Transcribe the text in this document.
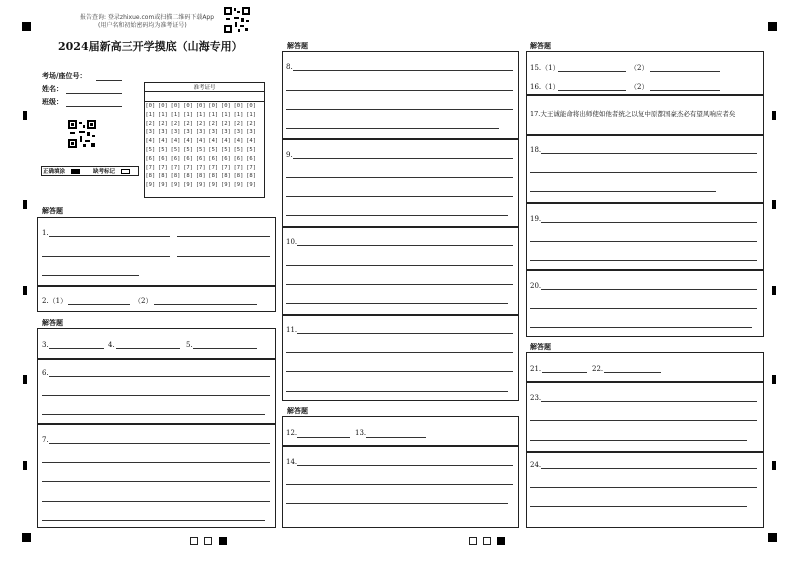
报告查询: 登录zhixue.com或扫描二维码下载App
(用户名和初始密码均为准考证号)
2024届新高三开学摸底（山海专用）
考场/座位号：
姓名：
班级：
准考证号
[0] [0] [0] [0] [0] [0] [0] [0] [0]
[1] [1] [1] [1] [1] [1] [1] [1] [1]
[2] [2] [2] [2] [2] [2] [2] [2] [2]
[3] [3] [3] [3] [3] [3] [3] [3] [3]
[4] [4] [4] [4] [4] [4] [4] [4] [4]
[5] [5] [5] [5] [5] [5] [5] [5] [5]
[6] [6] [6] [6] [6] [6] [6] [6] [6]
[7] [7] [7] [7] [7] [7] [7] [7] [7]
[8] [8] [8] [8] [8] [8] [8] [8] [8]
[9] [9] [9] [9] [9] [9] [9] [9] [9]
正确填涂	缺考标记
解答题
1.
2.（1）	（2）
解答题
3.	4.	5.
6.
7.
解答题
8.
9.
10.
11.
解答题
12.	13.
14.
解答题
15.（1）	（2）
16.（1）	（2）
17.大王诚能命将出师使如他者统之以复中原都国豪杰必有望风响应者矣
18.
19.
20.
解答题
21.	22.
23.
24.
